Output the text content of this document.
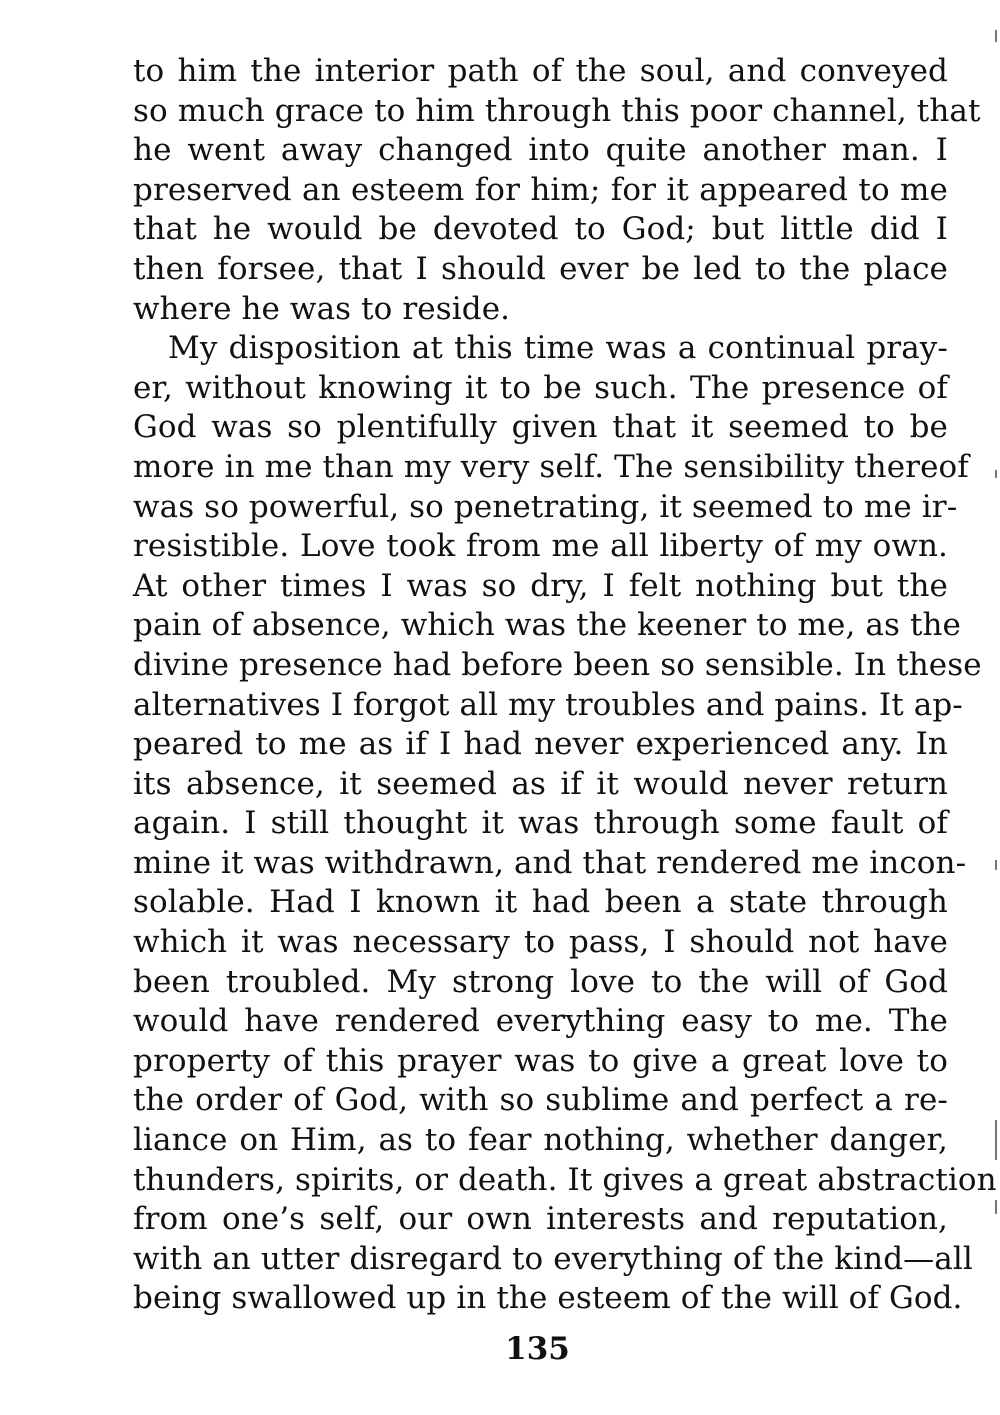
to him the interior path of the soul, and conveyed
so much grace to him through this poor channel, that
he went away changed into quite another man. I
preserved an esteem for him; for it appeared to me
that he would be devoted to God; but little did I
then forsee, that I should ever be led to the place
where he was to reside.
My disposition at this time was a continual pray-
er, without knowing it to be such. The presence of
God was so plentifully given that it seemed to be
more in me than my very self. The sensibility thereof
was so powerful, so penetrating, it seemed to me ir-
resistible. Love took from me all liberty of my own.
At other times I was so dry, I felt nothing but the
pain of absence, which was the keener to me, as the
divine presence had before been so sensible. In these
alternatives I forgot all my troubles and pains. It ap-
peared to me as if I had never experienced any. In
its absence, it seemed as if it would never return
again. I still thought it was through some fault of
mine it was withdrawn, and that rendered me incon-
solable. Had I known it had been a state through
which it was necessary to pass, I should not have
been troubled. My strong love to the will of God
would have rendered everything easy to me. The
property of this prayer was to give a great love to
the order of God, with so sublime and perfect a re-
liance on Him, as to fear nothing, whether danger,
thunders, spirits, or death. It gives a great abstraction
from one’s self, our own interests and reputation,
with an utter disregard to everything of the kind—all
being swallowed up in the esteem of the will of God.
135
